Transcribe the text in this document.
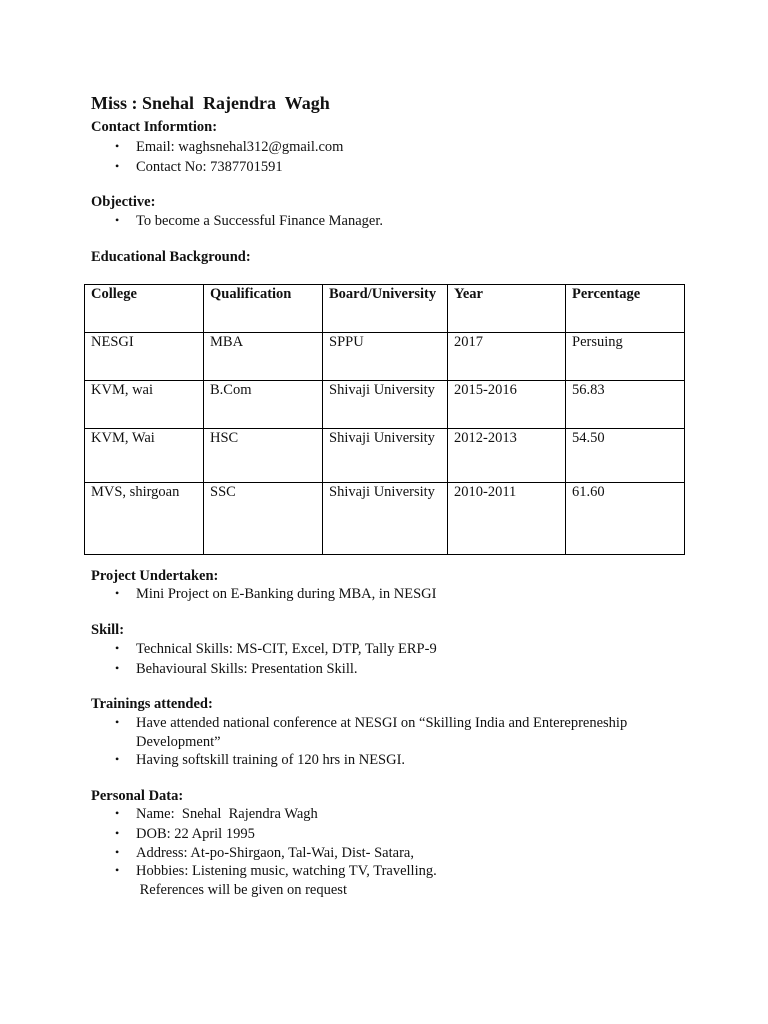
Miss : Snehal  Rajendra  Wagh
Contact Informtion:
• Email: waghsnehal312@gmail.com
• Contact No: 7387701591
Objective:
• To become a Successful Finance Manager.
Educational Background:
College	Qualification	Board/University	Year	Percentage
NESGI	MBA	SPPU	2017	Persuing
KVM, wai	B.Com	Shivaji University	2015-2016	56.83
KVM, Wai	HSC	Shivaji University	2012-2013	54.50
MVS, shirgoan	SSC	Shivaji University	2010-2011	61.60
Project Undertaken:
• Mini Project on E-Banking during MBA, in NESGI
Skill:
• Technical Skills: MS-CIT, Excel, DTP, Tally ERP-9
• Behavioural Skills: Presentation Skill.
Trainings attended:
• Have attended national conference at NESGI on “Skilling India and Enterepreneship
Development”
• Having softskill training of 120 hrs in NESGI.
Personal Data:
• Name:  Snehal  Rajendra Wagh
• DOB: 22 April 1995
• Address: At-po-Shirgaon, Tal-Wai, Dist- Satara,
• Hobbies: Listening music, watching TV, Travelling.
References will be given on request
